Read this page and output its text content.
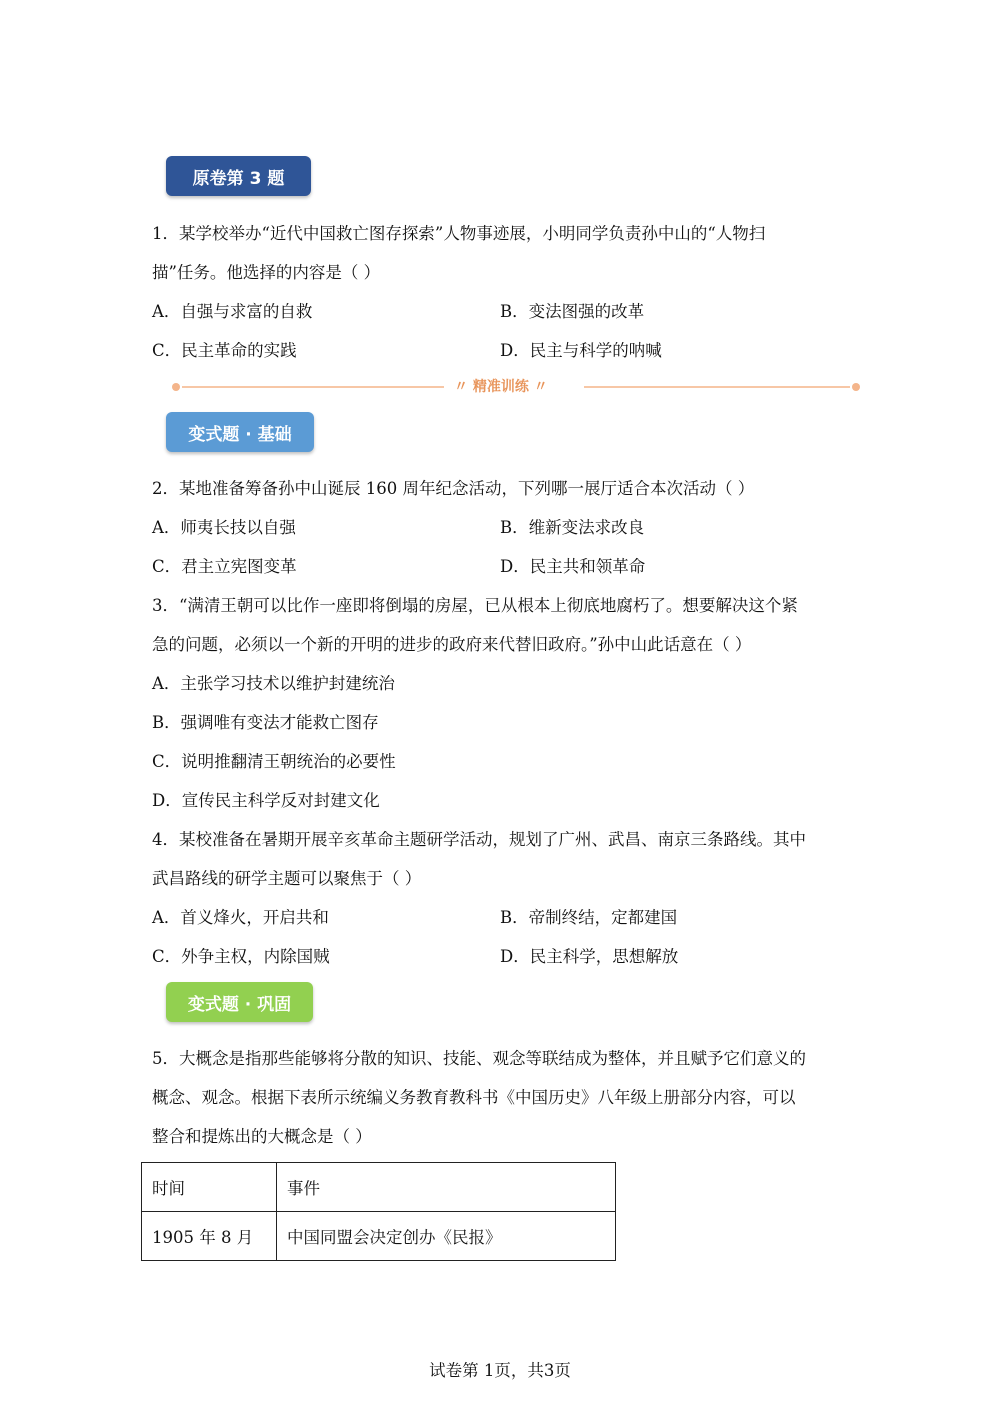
原卷第 3 题
1．某学校举办“近代中国救亡图存探索”人物事迹展，小明同学负责孙中山的“人物扫
描”任务。他选择的内容是（ ）
A．自强与求富的自救	B．变法图强的改革
C．民主革命的实践	D．民主与科学的呐喊
〃 精准训练 〃
变式题 · 基础
2．某地准备筹备孙中山诞辰 160 周年纪念活动，下列哪一展厅适合本次活动（ ）
A．师夷长技以自强	B．维新变法求改良
C．君主立宪图变革	D．民主共和领革命
3．“满清王朝可以比作一座即将倒塌的房屋，已从根本上彻底地腐朽了。想要解决这个紧
急的问题，必须以一个新的开明的进步的政府来代替旧政府。”孙中山此话意在（ ）
A．主张学习技术以维护封建统治
B．强调唯有变法才能救亡图存
C．说明推翻清王朝统治的必要性
D．宣传民主科学反对封建文化
4．某校准备在暑期开展辛亥革命主题研学活动，规划了广州、武昌、南京三条路线。其中
武昌路线的研学主题可以聚焦于（ ）
A．首义烽火，开启共和	B．帝制终结，定都建国
C．外争主权，内除国贼	D．民主科学，思想解放
变式题 · 巩固
5．大概念是指那些能够将分散的知识、技能、观念等联结成为整体，并且赋予它们意义的
概念、观念。根据下表所示统编义务教育教科书《中国历史》八年级上册部分内容，可以
整合和提炼出的大概念是（ ）
时间	事件
1905 年 8 月	中国同盟会决定创办《民报》
试卷第 1页，共3页
